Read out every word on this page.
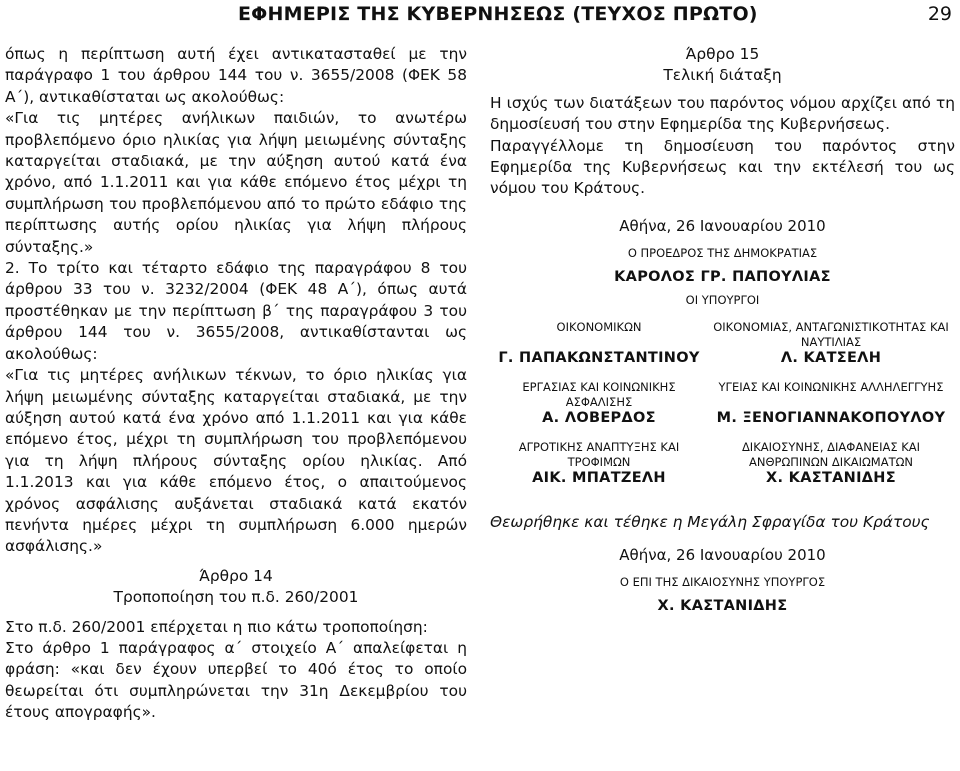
ΕΦΗΜΕΡΙΣ ΤΗΣ ΚΥΒΕΡΝΗΣΕΩΣ (ΤΕΥΧΟΣ ΠΡΩΤΟ)	29

όπως η περίπτωση αυτή έχει αντικατασταθεί με την παράγραφο 1 του άρθρου 144 του ν. 3655/2008 (ΦΕΚ 58 Α΄), αντικαθίσταται ως ακολούθως:

«Για τις μητέρες ανήλικων παιδιών, το ανωτέρω προβλεπόμενο όριο ηλικίας για λήψη μειωμένης σύνταξης καταργείται σταδιακά, με την αύξηση αυτού κατά ένα χρόνο, από 1.1.2011 και για κάθε επόμενο έτος μέχρι τη συμπλήρωση του προβλεπόμενου από το πρώτο εδάφιο της περίπτωσης αυτής ορίου ηλικίας για λήψη πλήρους σύνταξης.»

2. Το τρίτο και τέταρτο εδάφιο της παραγράφου 8 του άρθρου 33 του ν. 3232/2004 (ΦΕΚ 48 Α΄), όπως αυτά προστέθηκαν με την περίπτωση β΄ της παραγράφου 3 του άρθρου 144 του ν. 3655/2008, αντικαθίστανται ως ακολούθως:

«Για τις μητέρες ανήλικων τέκνων, το όριο ηλικίας για λήψη μειωμένης σύνταξης καταργείται σταδιακά, με την αύξηση αυτού κατά ένα χρόνο από 1.1.2011 και για κάθε επόμενο έτος, μέχρι τη συμπλήρωση του προβλεπόμενου για τη λήψη πλήρους σύνταξης ορίου ηλικίας. Από 1.1.2013 και για κάθε επόμενο έτος, ο απαιτούμενος χρόνος ασφάλισης αυξάνεται σταδιακά κατά εκατόν πενήντα ημέρες μέχρι τη συμπλήρωση 6.000 ημερών ασφάλισης.»

Άρθρο 14

Τροποποίηση του π.δ. 260/2001

Στο π.δ. 260/2001 επέρχεται η πιο κάτω τροποποίηση:

Στο άρθρο 1 παράγραφος α΄ στοιχείο Α΄ απαλείφεται η φράση: «και δεν έχουν υπερβεί το 40ό έτος το οποίο θεωρείται ότι συμπληρώνεται την 31η Δεκεμβρίου του έτους απογραφής».

Άρθρο 15

Τελική διάταξη

Η ισχύς των διατάξεων του παρόντος νόμου αρχίζει από τη δημοσίευσή του στην Εφημερίδα της Κυβερνήσεως.

Παραγγέλλομε τη δημοσίευση του παρόντος στην Εφημερίδα της Κυβερνήσεως και την εκτέλεσή του ως νόμου του Κράτους.

Αθήνα, 26 Ιανουαρίου 2010

Ο ΠΡΟΕΔΡΟΣ ΤΗΣ ΔΗΜΟΚΡΑΤΙΑΣ
ΚΑΡΟΛΟΣ ΓΡ. ΠΑΠΟΥΛΙΑΣ
ΟΙ ΥΠΟΥΡΓΟΙ
ΟΙΚΟΝΟΜΙΚΩΝ
Γ. ΠΑΠΑΚΩΝΣΤΑΝΤΙΝΟΥ
ΟΙΚΟΝΟΜΙΑΣ, ΑΝΤΑΓΩΝΙΣΤΙΚΟΤΗΤΑΣ ΚΑΙ ΝΑΥΤΙΛΙΑΣ
Λ. ΚΑΤΣΕΛΗ
ΕΡΓΑΣΙΑΣ ΚΑΙ ΚΟΙΝΩΝΙΚΗΣ ΑΣΦΑΛΙΣΗΣ
Α. ΛΟΒΕΡΔΟΣ
ΥΓΕΙΑΣ ΚΑΙ ΚΟΙΝΩΝΙΚΗΣ ΑΛΛΗΛΕΓΓΥΗΣ
Μ. ΞΕΝΟΓΙΑΝΝΑΚΟΠΟΥΛΟΥ
ΑΓΡΟΤΙΚΗΣ ΑΝΑΠΤΥΞΗΣ ΚΑΙ ΤΡΟΦΙΜΩΝ
ΑΙΚ. ΜΠΑΤΖΕΛΗ
ΔΙΚΑΙΟΣΥΝΗΣ, ΔΙΑΦΑΝΕΙΑΣ ΚΑΙ ΑΝΘΡΩΠΙΝΩΝ ΔΙΚΑΙΩΜΑΤΩΝ
Χ. ΚΑΣΤΑΝΙΔΗΣ

Θεωρήθηκε και τέθηκε η Μεγάλη Σφραγίδα του Κράτους

Αθήνα, 26 Ιανουαρίου 2010

Ο ΕΠΙ ΤΗΣ ΔΙΚΑΙΟΣΥΝΗΣ ΥΠΟΥΡΓΟΣ
Χ. ΚΑΣΤΑΝΙΔΗΣ
